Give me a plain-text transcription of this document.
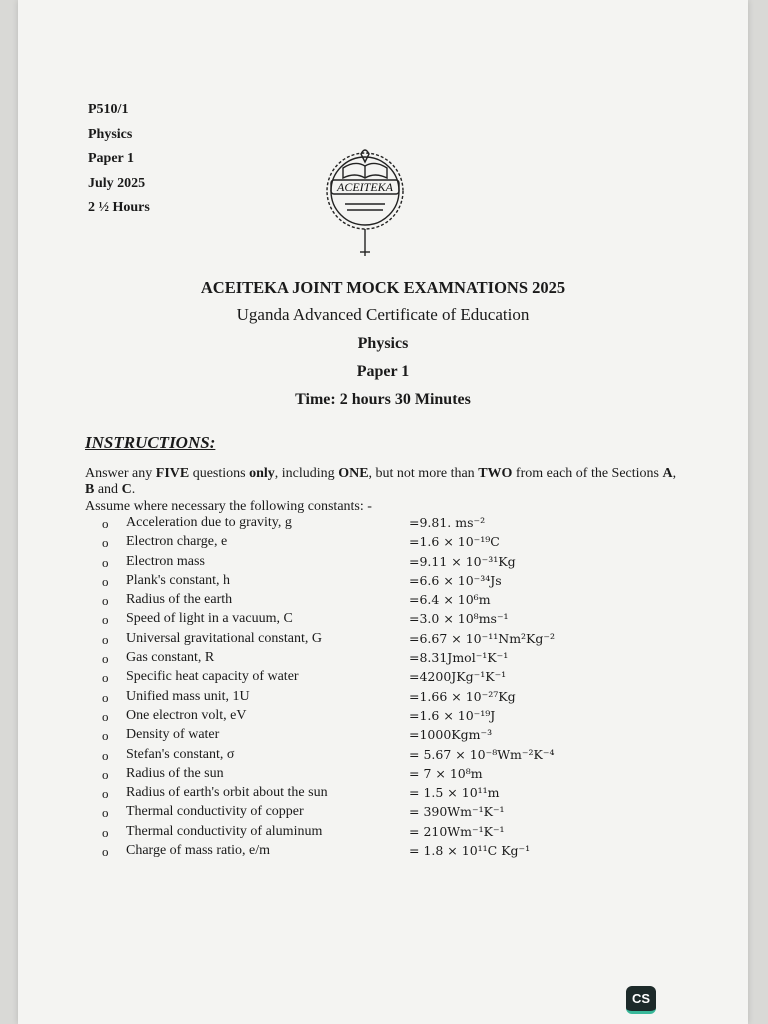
P510/1
Physics
Paper 1
July 2025
2 ½ Hours
ACEITEKA
ACEITEKA JOINT MOCK EXAMNATIONS 2025
Uganda Advanced Certificate of Education
Physics
Paper 1
Time: 2 hours 30 Minutes
INSTRUCTIONS:
Answer any FIVE questions only, including ONE, but not more than TWO from each of the Sections A, B and C.
Assume where necessary the following constants: -
o Acceleration due to gravity, g	=9.81. ms⁻²
o Electron charge, e	=1.6 × 10⁻¹⁹C
o Electron mass	=9.11 × 10⁻³¹Kg
o Plank's constant, h	=6.6 × 10⁻³⁴Js
o Radius of the earth	=6.4 × 10⁶m
o Speed of light in a vacuum, C	=3.0 × 10⁸ms⁻¹
o Universal gravitational constant, G	=6.67 × 10⁻¹¹Nm²Kg⁻²
o Gas constant, R	=8.31Jmol⁻¹K⁻¹
o Specific heat capacity of water	=4200JKg⁻¹K⁻¹
o Unified mass unit, 1U	=1.66 × 10⁻²⁷Kg
o One electron volt, eV	=1.6 × 10⁻¹⁹J
o Density of water	=1000Kgm⁻³
o Stefan's constant, σ	= 5.67 × 10⁻⁸Wm⁻²K⁻⁴
o Radius of the sun	= 7 × 10⁸m
o Radius of earth's orbit about the sun	= 1.5 × 10¹¹m
o Thermal conductivity of copper	= 390Wm⁻¹K⁻¹
o Thermal conductivity of aluminum	= 210Wm⁻¹K⁻¹
o Charge of mass ratio, e/m	= 1.8 × 10¹¹C Kg⁻¹
CS
